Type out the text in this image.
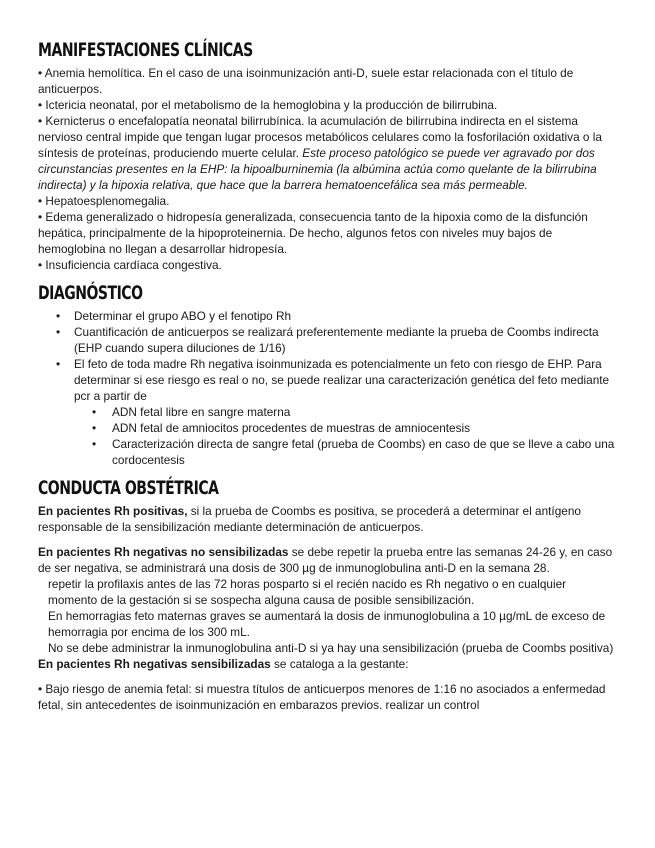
MANIFESTACIONES CLÍNICAS

• Anemia hemolítica. En el caso de una isoinmunización anti-D, suele estar relacionada con el título de anticuerpos.

• Ictericia neonatal, por el metabolismo de la hemoglobina y la producción de bilirrubina.

• Kernicterus o encefalopatía neonatal bilirrubínica. la acumulación de bilirrubina indirecta en el sistema nervioso central impide que tengan lugar procesos metabólicos celulares como la fosforilación oxidativa o la síntesis de proteínas, produciendo muerte celular. Este proceso patológico se puede ver agravado por dos circunstancias presentes en la EHP: la hipoalburninemia (la albúmina actúa como quelante de la bilirrubina indirecta) y la hipoxia relativa, que hace que la barrera hematoencefálica sea más permeable.

• Hepatoesplenomegalia.

• Edema generalizado o hidropesía generalizada, consecuencia tanto de la hipoxia como de la disfunción hepática, principalmente de la hipoproteinernia. De hecho, algunos fetos con niveles muy bajos de hemoglobina no llegan a desarrollar hidropesía.

• Insuficiencia cardíaca congestiva.

DIAGNÓSTICO
• Determinar el grupo ABO y el fenotipo Rh
• Cuantificación de anticuerpos se realizará preferentemente mediante la prueba de Coombs indirecta (EHP cuando supera diluciones de 1/16)
• El feto de toda madre Rh negativa isoinmunizada es potencialmente un feto con riesgo de EHP. Para determinar si ese riesgo es real o no, se puede realizar una caracterización genética del feto mediante pcr a partir de
• ADN fetal libre en sangre materna
• ADN fetal de amniocitos procedentes de muestras de amniocentesis
• Caracterización directa de sangre fetal (prueba de Coombs) en caso de que se lleve a cabo una cordocentesis
CONDUCTA OBSTÉTRICA

En pacientes Rh positivas, si la prueba de Coombs es positiva, se procederá a determinar el antígeno responsable de la sensibilización mediante determinación de anticuerpos.

En pacientes Rh negativas no sensibilizadas se debe repetir la prueba entre las semanas 24-26 y, en caso de ser negativa, se administrará una dosis de 300 µg de inmunoglobulina anti-D en la semana 28.

repetir la profilaxis antes de las 72 horas posparto si el recién nacido es Rh negativo o en cualquier momento de la gestación si se sospecha alguna causa de posible sensibilización.

En hemorragias feto maternas graves se aumentará la dosis de inmunoglobulina a 10 µg/mL de exceso de hemorragia por encima de los 300 mL.

No se debe administrar la inmunoglobulina anti-D si ya hay una sensibilización (prueba de Coombs positiva)

En pacientes Rh negativas sensibilizadas se cataloga a la gestante:

• Bajo riesgo de anemia fetal: si muestra títulos de anticuerpos menores de 1:16 no asociados a enfermedad fetal, sin antecedentes de isoinmunización en embarazos previos. realizar un control
